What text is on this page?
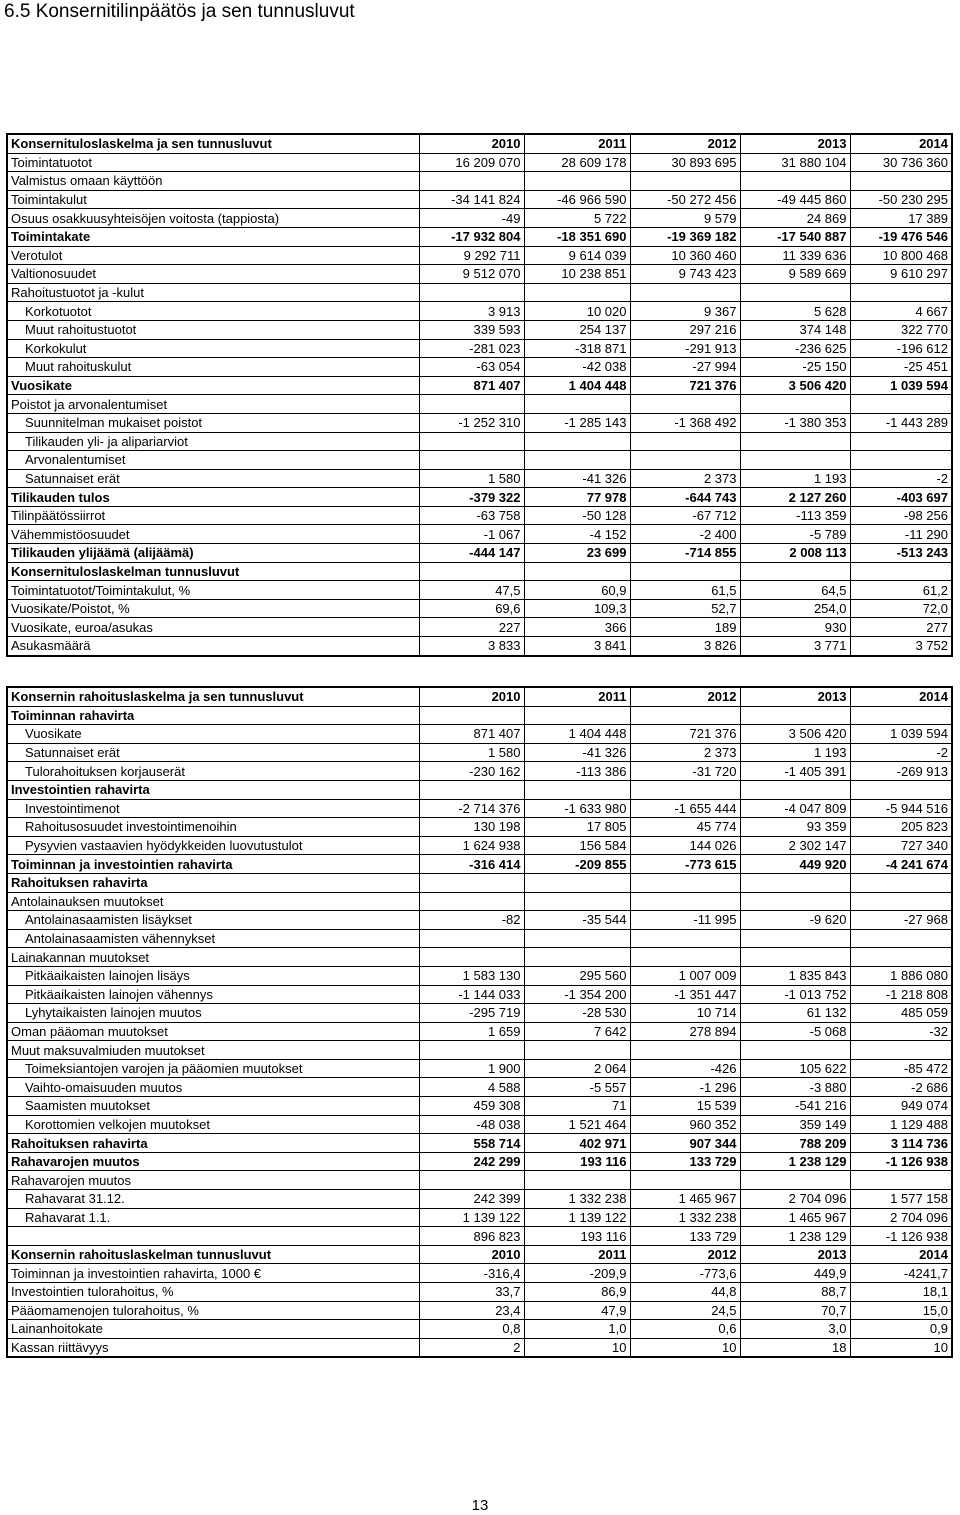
6.5 Konsernitilinpäätös ja sen tunnusluvut
Konsernituloslaskelma ja sen tunnusluvut	2010	2011	2012	2013	2014
Toimintatuotot	16 209 070	28 609 178	30 893 695	31 880 104	30 736 360
Valmistus omaan käyttöön					
Toimintakulut	-34 141 824	-46 966 590	-50 272 456	-49 445 860	-50 230 295
Osuus osakkuusyhteisöjen voitosta (tappiosta)	-49	5 722	9 579	24 869	17 389
Toimintakate	-17 932 804	-18 351 690	-19 369 182	-17 540 887	-19 476 546
Verotulot	9 292 711	9 614 039	10 360 460	11 339 636	10 800 468
Valtionosuudet	9 512 070	10 238 851	9 743 423	9 589 669	9 610 297
Rahoitustuotot ja -kulut					
Korkotuotot	3 913	10 020	9 367	5 628	4 667
Muut rahoitustuotot	339 593	254 137	297 216	374 148	322 770
Korkokulut	-281 023	-318 871	-291 913	-236 625	-196 612
Muut rahoituskulut	-63 054	-42 038	-27 994	-25 150	-25 451
Vuosikate	871 407	1 404 448	721 376	3 506 420	1 039 594
Poistot ja arvonalentumiset					
Suunnitelman mukaiset poistot	-1 252 310	-1 285 143	-1 368 492	-1 380 353	-1 443 289
Tilikauden yli- ja alipariarviot					
Arvonalentumiset					
Satunnaiset erät	1 580	-41 326	2 373	1 193	-2
Tilikauden tulos	-379 322	77 978	-644 743	2 127 260	-403 697
Tilinpäätössiirrot	-63 758	-50 128	-67 712	-113 359	-98 256
Vähemmistöosuudet	-1 067	-4 152	-2 400	-5 789	-11 290
Tilikauden ylijäämä (alijäämä)	-444 147	23 699	-714 855	2 008 113	-513 243
Konsernituloslaskelman tunnusluvut					
Toimintatuotot/Toimintakulut, %	47,5	60,9	61,5	64,5	61,2
Vuosikate/Poistot, %	69,6	109,3	52,7	254,0	72,0
Vuosikate, euroa/asukas	227	366	189	930	277
Asukasmäärä	3 833	3 841	3 826	3 771	3 752
Konsernin rahoituslaskelma ja sen tunnusluvut	2010	2011	2012	2013	2014
Toiminnan rahavirta					
Vuosikate	871 407	1 404 448	721 376	3 506 420	1 039 594
Satunnaiset erät	1 580	-41 326	2 373	1 193	-2
Tulorahoituksen korjauserät	-230 162	-113 386	-31 720	-1 405 391	-269 913
Investointien rahavirta					
Investointimenot	-2 714 376	-1 633 980	-1 655 444	-4 047 809	-5 944 516
Rahoitusosuudet investointimenoihin	130 198	17 805	45 774	93 359	205 823
Pysyvien vastaavien hyödykkeiden luovutustulot	1 624 938	156 584	144 026	2 302 147	727 340
Toiminnan ja investointien rahavirta	-316 414	-209 855	-773 615	449 920	-4 241 674
Rahoituksen rahavirta					
Antolainauksen muutokset					
Antolainasaamisten lisäykset	-82	-35 544	-11 995	-9 620	-27 968
Antolainasaamisten vähennykset					
Lainakannan muutokset					
Pitkäaikaisten lainojen lisäys	1 583 130	295 560	1 007 009	1 835 843	1 886 080
Pitkäaikaisten lainojen vähennys	-1 144 033	-1 354 200	-1 351 447	-1 013 752	-1 218 808
Lyhytaikaisten lainojen muutos	-295 719	-28 530	10 714	61 132	485 059
Oman pääoman muutokset	1 659	7 642	278 894	-5 068	-32
Muut maksuvalmiuden muutokset					
Toimeksiantojen varojen ja pääomien muutokset	1 900	2 064	-426	105 622	-85 472
Vaihto-omaisuuden muutos	4 588	-5 557	-1 296	-3 880	-2 686
Saamisten muutokset	459 308	71	15 539	-541 216	949 074
Korottomien velkojen muutokset	-48 038	1 521 464	960 352	359 149	1 129 488
Rahoituksen rahavirta	558 714	402 971	907 344	788 209	3 114 736
Rahavarojen muutos	242 299	193 116	133 729	1 238 129	-1 126 938
Rahavarojen muutos					
Rahavarat 31.12.	242 399	1 332 238	1 465 967	2 704 096	1 577 158
Rahavarat 1.1.	1 139 122	1 139 122	1 332 238	1 465 967	2 704 096
	896 823	193 116	133 729	1 238 129	-1 126 938
Konsernin rahoituslaskelman tunnusluvut	2010	2011	2012	2013	2014
Toiminnan ja investointien rahavirta, 1000 €	-316,4	-209,9	-773,6	449,9	-4241,7
Investointien tulorahoitus, %	33,7	86,9	44,8	88,7	18,1
Pääomamenojen tulorahoitus, %	23,4	47,9	24,5	70,7	15,0
Lainanhoitokate	0,8	1,0	0,6	3,0	0,9
Kassan riittävyys	2	10	10	18	10
13
